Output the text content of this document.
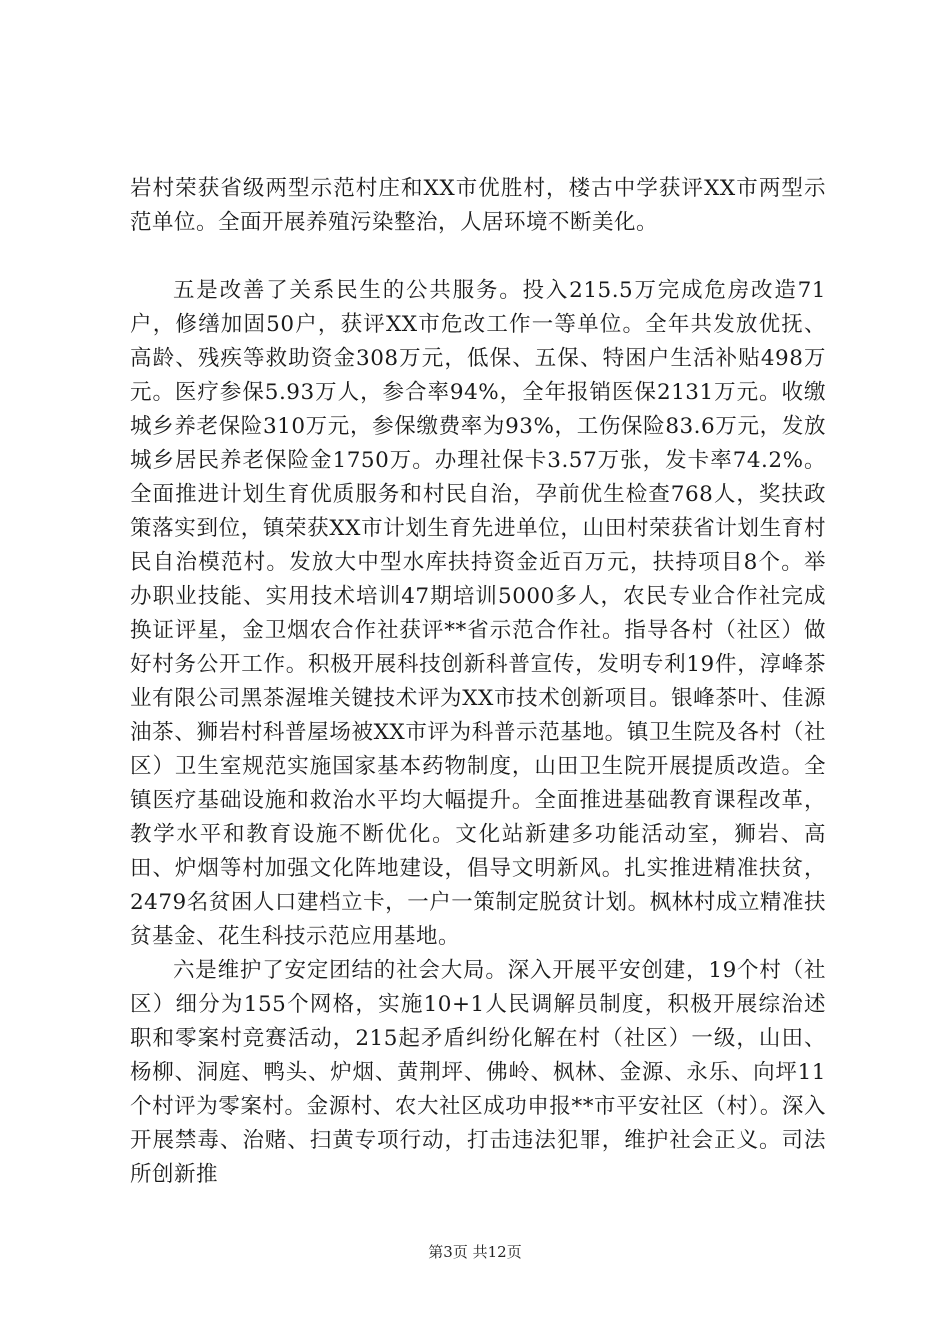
岩村荣获省级两型示范村庄和XX市优胜村，楼古中学获评XX市两型示范单位。全面开展养殖污染整治，人居环境不断美化。

五是改善了关系民生的公共服务。投入215.5万完成危房改造71户，修缮加固50户，获评XX市危改工作一等单位。全年共发放优抚、高龄、残疾等救助资金308万元，低保、五保、特困户生活补贴498万元。医疗参保5.93万人，参合率94%，全年报销医保2131万元。收缴城乡养老保险310万元，参保缴费率为93%，工伤保险83.6万元，发放城乡居民养老保险金1750万。办理社保卡3.57万张，发卡率74.2%。全面推进计划生育优质服务和村民自治，孕前优生检查768人，奖扶政策落实到位，镇荣获XX市计划生育先进单位，山田村荣获省计划生育村民自治模范村。发放大中型水库扶持资金近百万元，扶持项目8个。举办职业技能、实用技术培训47期培训5000多人，农民专业合作社完成换证评星，金卫烟农合作社获评**省示范合作社。指导各村（社区）做好村务公开工作。积极开展科技创新科普宣传，发明专利19件，淳峰茶业有限公司黑茶渥堆关键技术评为XX市技术创新项目。银峰茶叶、佳源油茶、狮岩村科普屋场被XX市评为科普示范基地。镇卫生院及各村（社区）卫生室规范实施国家基本药物制度，山田卫生院开展提质改造。全镇医疗基础设施和救治水平均大幅提升。全面推进基础教育课程改革，教学水平和教育设施不断优化。文化站新建多功能活动室，狮岩、高田、炉烟等村加强文化阵地建设，倡导文明新风。扎实推进精准扶贫，2479名贫困人口建档立卡，一户一策制定脱贫计划。枫林村成立精准扶贫基金、花生科技示范应用基地。

六是维护了安定团结的社会大局。深入开展平安创建，19个村（社区）细分为155个网格，实施10+1人民调解员制度，积极开展综治述职和零案村竞赛活动，215起矛盾纠纷化解在村（社区）一级，山田、杨柳、洞庭、鸭头、炉烟、黄荆坪、佛岭、枫林、金源、永乐、向坪11个村评为零案村。金源村、农大社区成功申报**市平安社区（村）。深入开展禁毒、治赌、扫黄专项行动，打击违法犯罪，维护社会正义。司法所创新推

第3页 共12页
